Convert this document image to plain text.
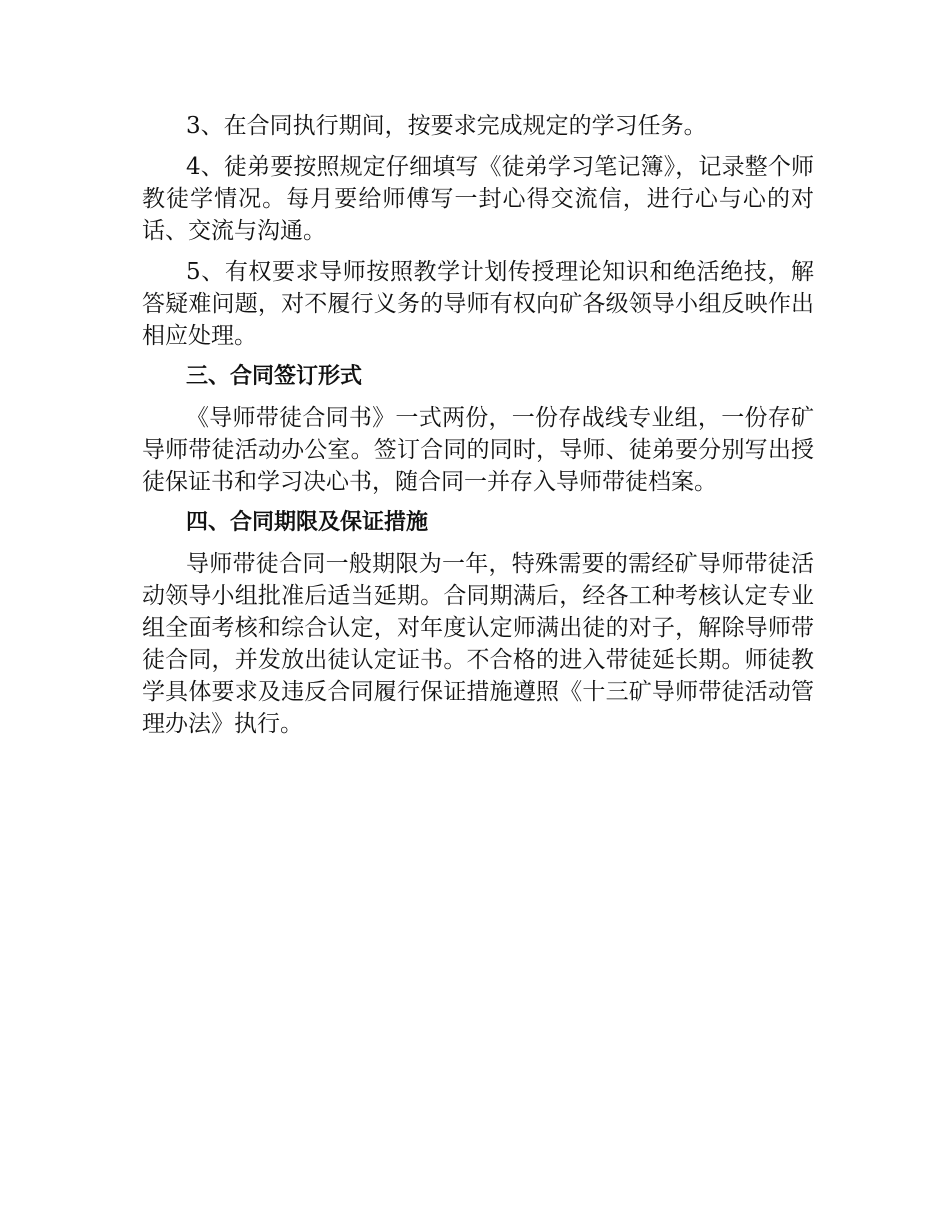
3、在合同执行期间，按要求完成规定的学习任务。

4、徒弟要按照规定仔细填写《徒弟学习笔记簿》，记录整个师教徒学情况。每月要给师傅写一封心得交流信，进行心与心的对话、交流与沟通。

5、有权要求导师按照教学计划传授理论知识和绝活绝技，解答疑难问题，对不履行义务的导师有权向矿各级领导小组反映作出相应处理。

三、合同签订形式

《导师带徒合同书》一式两份，一份存战线专业组，一份存矿导师带徒活动办公室。签订合同的同时，导师、徒弟要分别写出授徒保证书和学习决心书，随合同一并存入导师带徒档案。

四、合同期限及保证措施

导师带徒合同一般期限为一年，特殊需要的需经矿导师带徒活动领导小组批准后适当延期。合同期满后，经各工种考核认定专业组全面考核和综合认定，对年度认定师满出徒的对子，解除导师带徒合同，并发放出徒认定证书。不合格的进入带徒延长期。师徒教学具体要求及违反合同履行保证措施遵照《十三矿导师带徒活动管理办法》执行。
